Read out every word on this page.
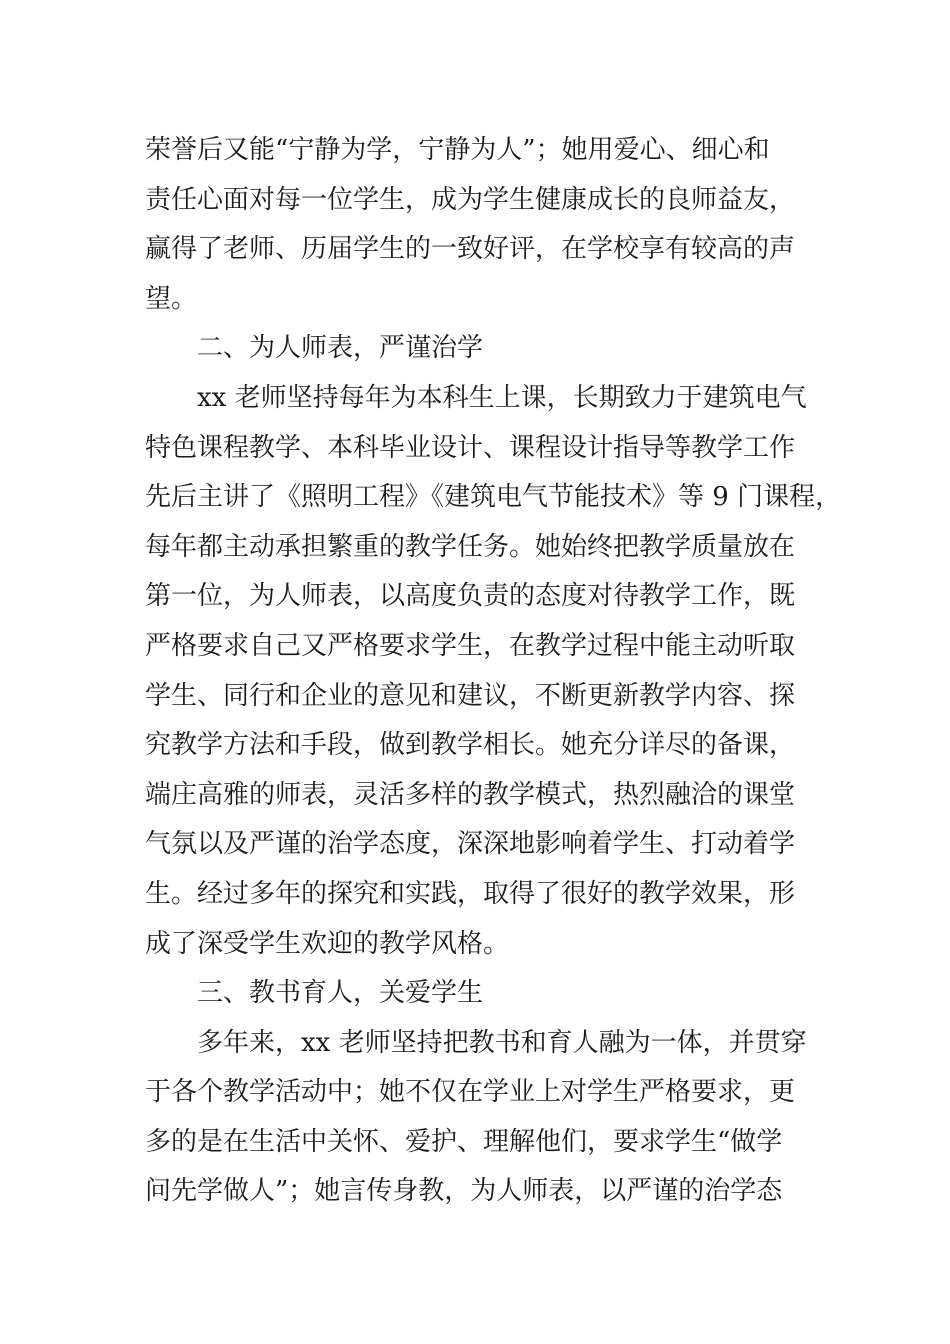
荣誉后又能“宁静为学，宁静为人”；她用爱心、细心和
责任心面对每一位学生，成为学生健康成长的良师益友，
赢得了老师、历届学生的一致好评，在学校享有较高的声
望。
二、为人师表，严谨治学
xx 老师坚持每年为本科生上课，长期致力于建筑电气
特色课程教学、本科毕业设计、课程设计指导等教学工作
先后主讲了《照明工程》《建筑电气节能技术》等 9 门课程，
每年都主动承担繁重的教学任务。她始终把教学质量放在
第一位，为人师表，以高度负责的态度对待教学工作，既
严格要求自己又严格要求学生，在教学过程中能主动听取
学生、同行和企业的意见和建议，不断更新教学内容、探
究教学方法和手段，做到教学相长。她充分详尽的备课，
端庄高雅的师表，灵活多样的教学模式，热烈融洽的课堂
气氛以及严谨的治学态度，深深地影响着学生、打动着学
生。经过多年的探究和实践，取得了很好的教学效果，形
成了深受学生欢迎的教学风格。
三、教书育人，关爱学生
多年来，xx 老师坚持把教书和育人融为一体，并贯穿
于各个教学活动中；她不仅在学业上对学生严格要求，更
多的是在生活中关怀、爱护、理解他们，要求学生“做学
问先学做人”；她言传身教，为人师表，以严谨的治学态
